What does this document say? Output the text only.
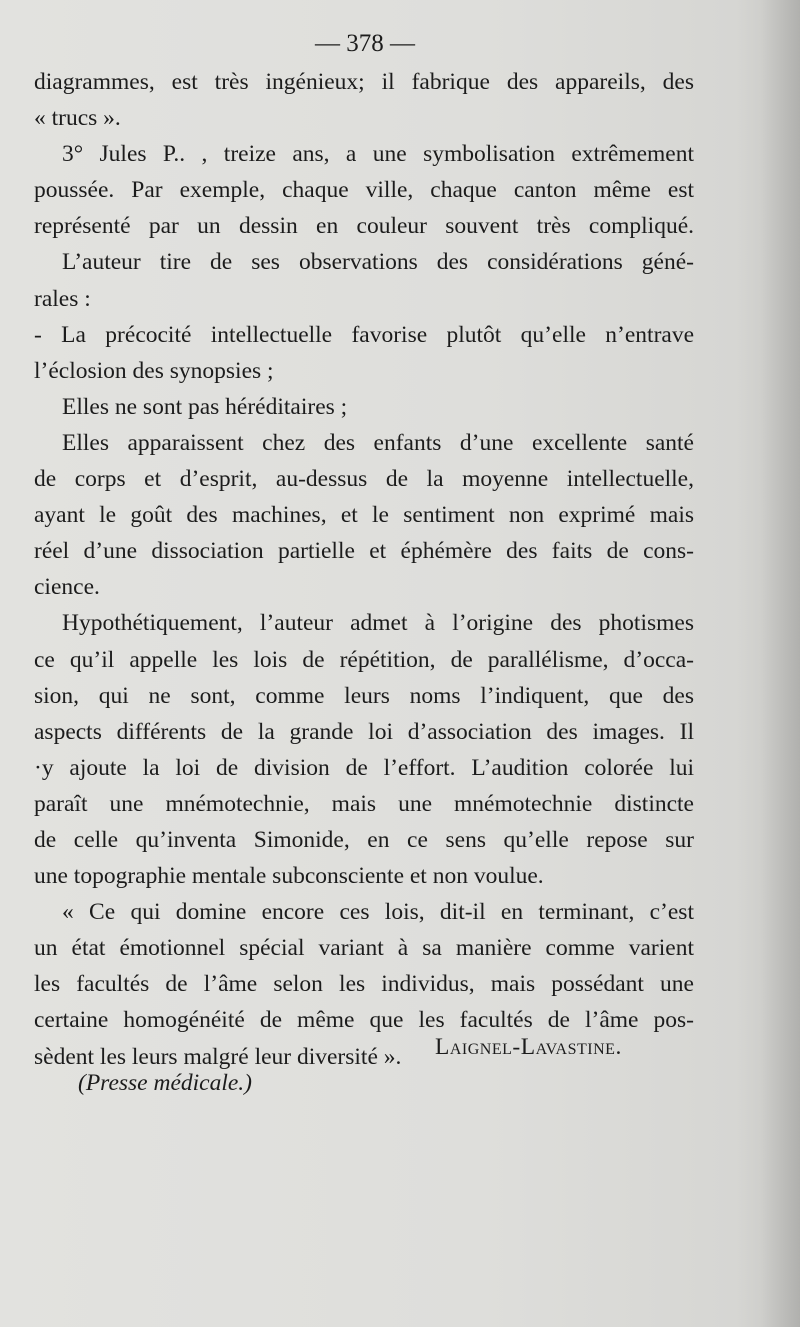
— 378 —
diagrammes, est très ingénieux; il fabrique des appareils, des
« trucs ».
3° Jules P.. , treize ans, a une symbolisation extrêmement
poussée. Par exemple, chaque ville, chaque canton même est
représenté par un dessin en couleur souvent très compliqué.
L’auteur tire de ses observations des considérations géné-
rales :
- La précocité intellectuelle favorise plutôt qu’elle n’entrave
l’éclosion des synopsies ;
Elles ne sont pas héréditaires ;
Elles apparaissent chez des enfants d’une excellente santé
de corps et d’esprit, au-dessus de la moyenne intellectuelle,
ayant le goût des machines, et le sentiment non exprimé mais
réel d’une dissociation partielle et éphémère des faits de cons-
cience.
Hypothétiquement, l’auteur admet à l’origine des photismes
ce qu’il appelle les lois de répétition, de parallélisme, d’occa-
sion, qui ne sont, comme leurs noms l’indiquent, que des
aspects différents de la grande loi d’association des images. Il
·y ajoute la loi de division de l’effort. L’audition colorée lui
paraît une mnémotechnie, mais une mnémotechnie distincte
de celle qu’inventa Simonide, en ce sens qu’elle repose sur
une topographie mentale subconsciente et non voulue.
« Ce qui domine encore ces lois, dit-il en terminant, c’est
un état émotionnel spécial variant à sa manière comme varient
les facultés de l’âme selon les individus, mais possédant une
certaine homogénéité de même que les facultés de l’âme pos-
sèdent les leurs malgré leur diversité ».	Laignel-Lavastine.
(Presse médicale.)
